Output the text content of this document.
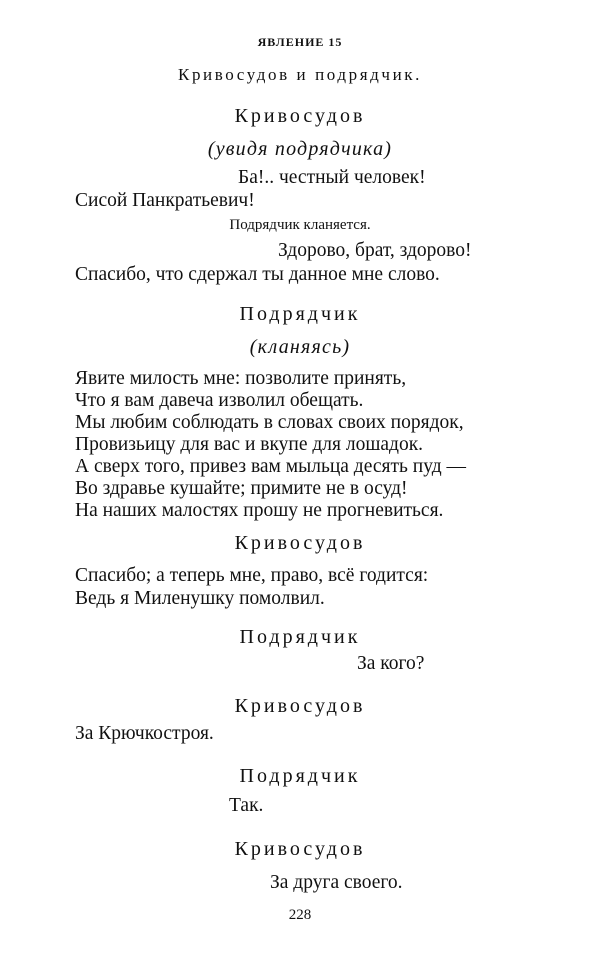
ЯВЛЕНИЕ 15
Кривосудов и подрядчик.
Кривосудов
(увидя подрядчика)
Ба!.. честный человек!
Сисой Панкратьевич!
Подрядчик кланяется.
Здорово, брат, здорово!
Спасибо, что сдержал ты данное мне слово.
Подрядчик
(кланяясь)
Явите милость мне: позволите принять,
Что я вам давеча изволил обещать.
Мы любим соблюдать в словах своих порядок,
Провизьицу для вас и вкупе для лошадок.
А сверх того, привез вам мыльца десять пуд —
Во здравье кушайте; примите не в осуд!
На наших малостях прошу не прогневиться.
Кривосудов
Спасибо; а теперь мне, право, всё годится:
Ведь я Миленушку помолвил.
Подрядчик
За кого?
Кривосудов
За Крючкостроя.
Подрядчик
Так.
Кривосудов
За друга своего.
228
